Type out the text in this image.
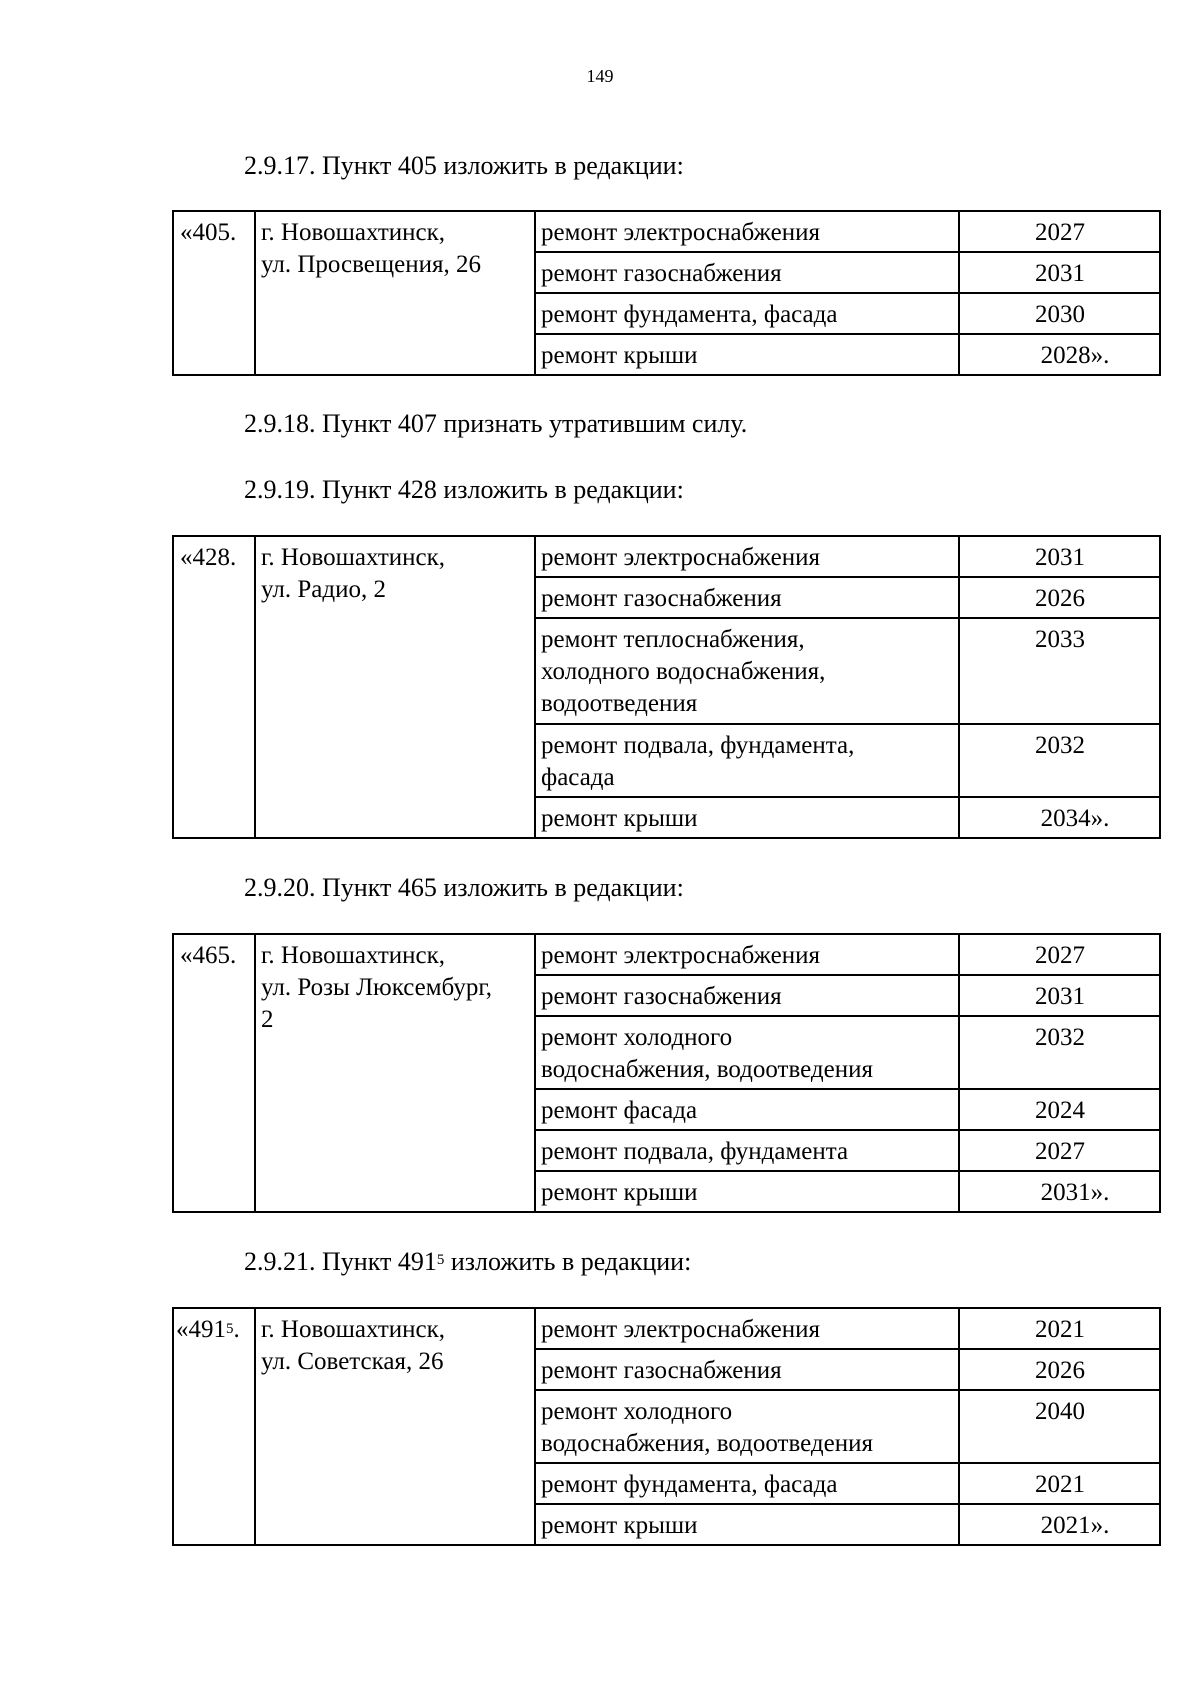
149
2.9.17. Пункт 405 изложить в редакции:
«405.	г. Новошахтинск,
ул. Просвещения, 26	ремонт электроснабжения	2027

		ремонт газоснабжения	2031

		ремонт фундамента, фасада	2030

		ремонт крыши	2028».
2.9.18. Пункт 407 признать утратившим силу.
2.9.19. Пункт 428 изложить в редакции:
«428.	г. Новошахтинск,
ул. Радио, 2	ремонт электроснабжения	2031

		ремонт газоснабжения	2026

		ремонт теплоснабжения,
холодного водоснабжения,
водоотведения	2033

		ремонт подвала, фундамента,
фасада	2032

		ремонт крыши	2034».
2.9.20. Пункт 465 изложить в редакции:
«465.	г. Новошахтинск,
ул. Розы Люксембург,
2	ремонт электроснабжения	2027

		ремонт газоснабжения	2031

		ремонт холодного
водоснабжения, водоотведения	2032

		ремонт фасада	2024

		ремонт подвала, фундамента	2027

		ремонт крыши	2031».
2.9.21. Пункт $491^5$ изложить в редакции:
«$491^5$.	г. Новошахтинск,
ул. Советская, 26	ремонт электроснабжения	2021

		ремонт газоснабжения	2026

		ремонт холодного
водоснабжения, водоотведения	2040

		ремонт фундамента, фасада	2021

		ремонт крыши	2021».
